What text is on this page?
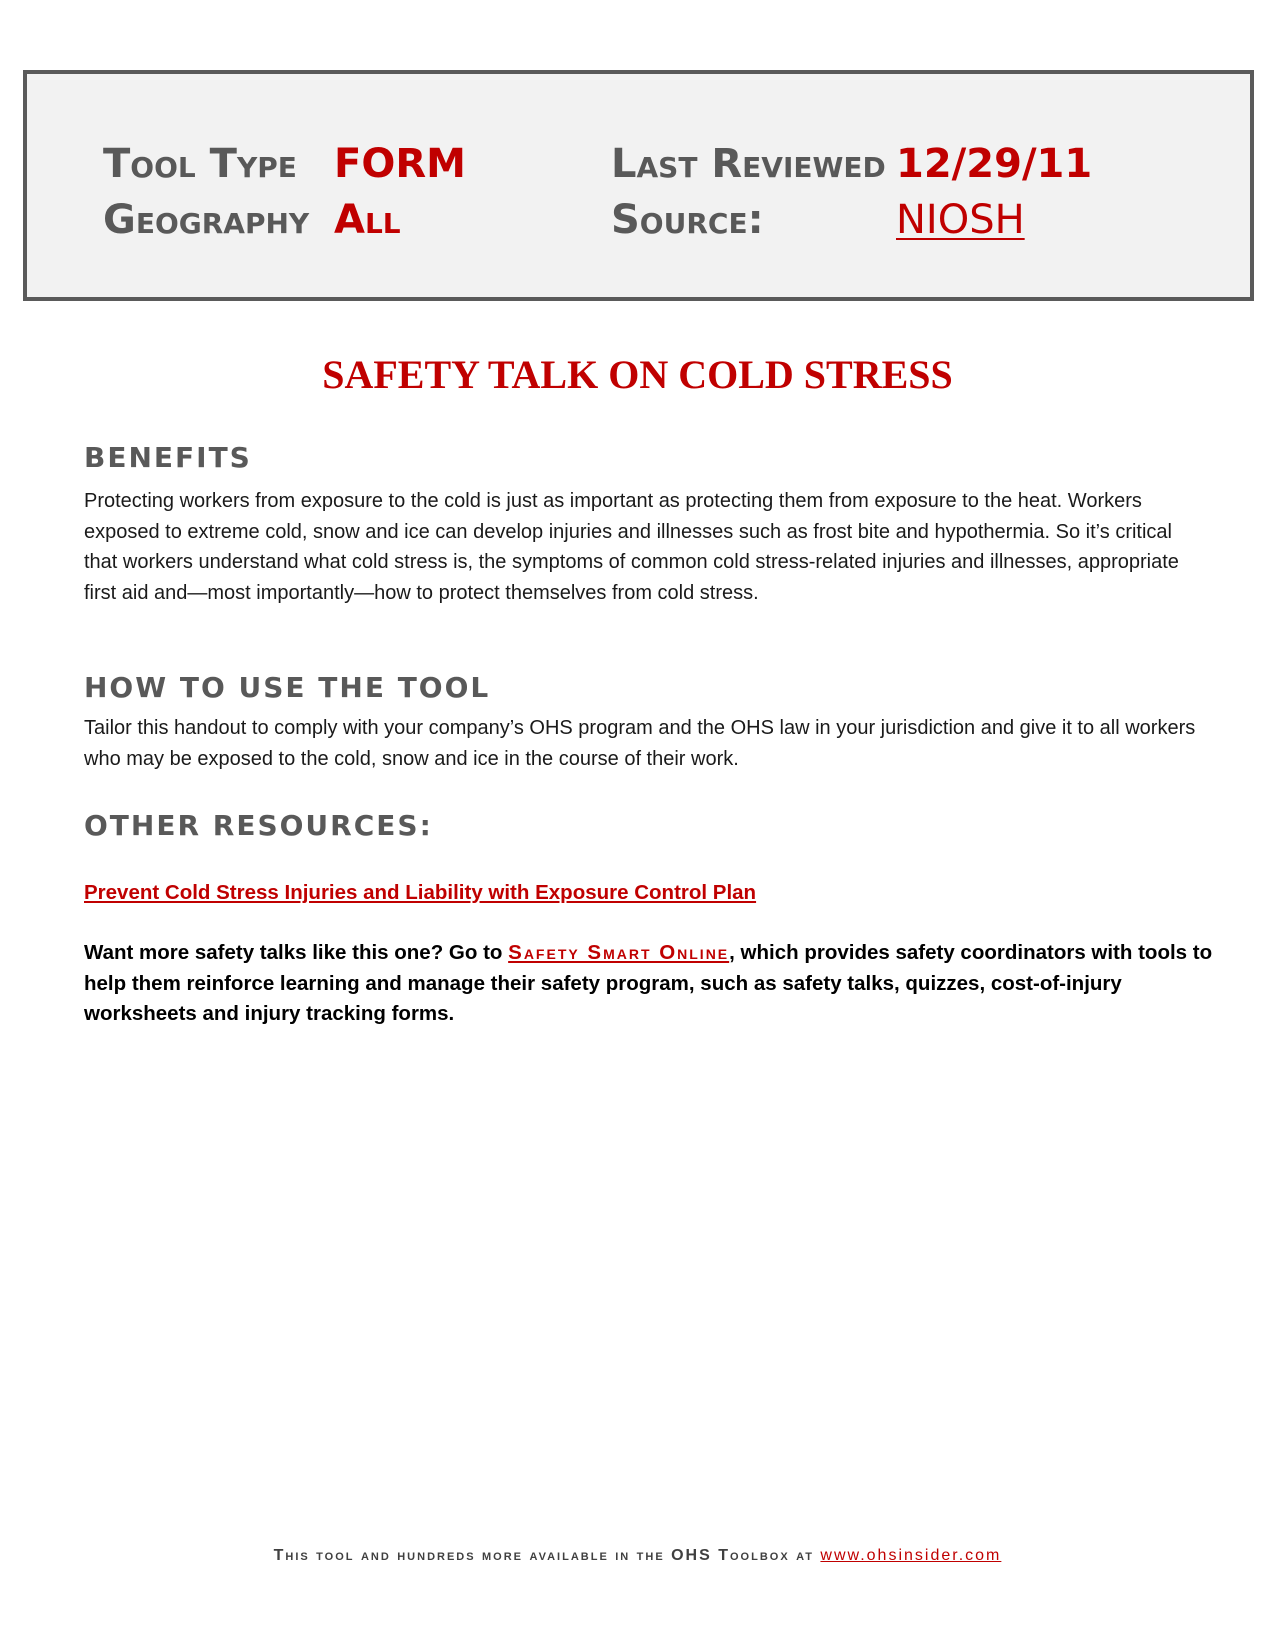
Tool Type FORM	Last Reviewed 12/29/11
Geography All	Source:	NIOSH
SAFETY TALK ON COLD STRESS
BENEFITS

Protecting workers from exposure to the cold is just as important as protecting them from exposure to the heat. Workers exposed to extreme cold, snow and ice can develop injuries and illnesses such as frost bite and hypothermia. So it’s critical that workers understand what cold stress is, the symptoms of common cold stress-related injuries and illnesses, appropriate first aid and—most importantly—how to protect themselves from cold stress.

HOW TO USE THE TOOL

Tailor this handout to comply with your company’s OHS program and the OHS law in your jurisdiction and give it to all workers who may be exposed to the cold, snow and ice in the course of their work.

OTHER RESOURCES:

Prevent Cold Stress Injuries and Liability with Exposure Control Plan

Want more safety talks like this one? Go to Safety Smart Online, which provides safety coordinators with tools to help them reinforce learning and manage their safety program, such as safety talks, quizzes, cost-of-injury worksheets and injury tracking forms.

This tool and hundreds more available in the OHS Toolbox at www.ohsinsider.com
